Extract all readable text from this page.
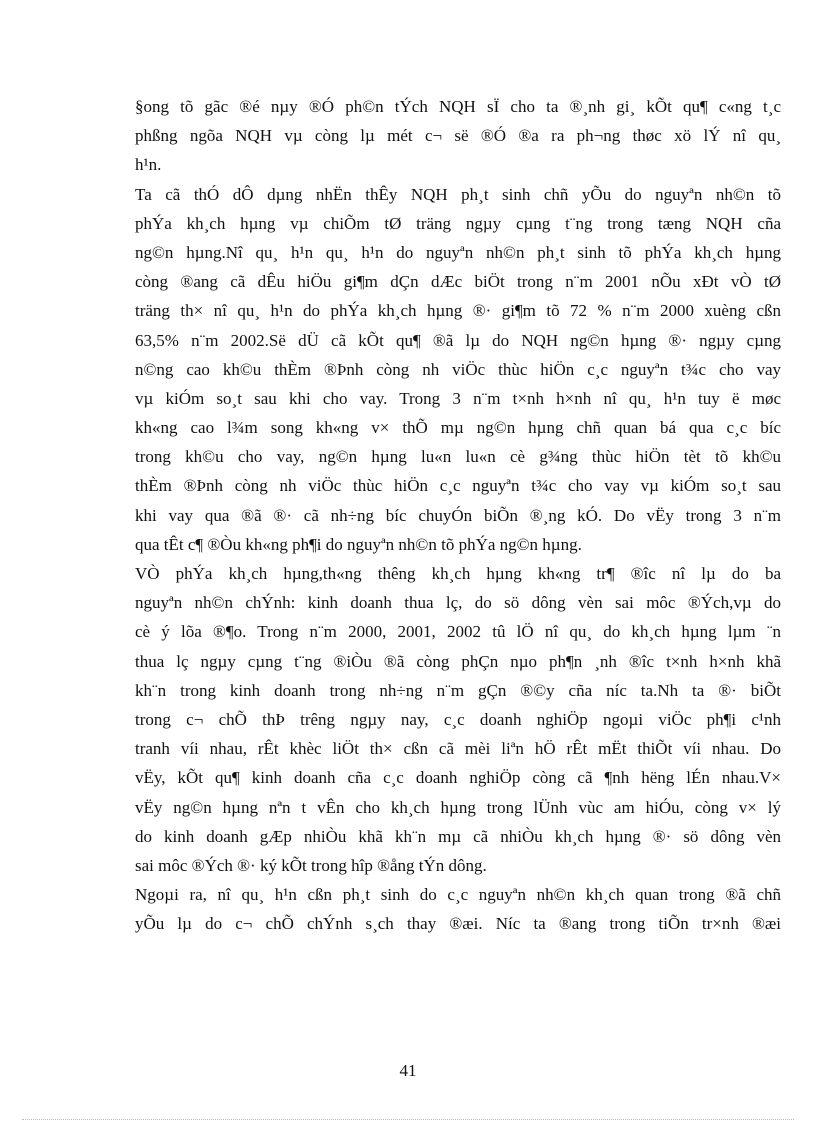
§ong tõ gãc ®é nµy ®Ó ph©n tÝch NQH sÏ cho ta ®¸nh gi¸ kÕt qu¶ c«ng t¸c
phßng ngõa NQH vµ còng lµ mét c¬ së ®Ó ®a ra ph¬ng thøc xö lÝ nî qu¸
h¹n.
Ta cã thÓ dÔ dµng nhËn thÊy NQH ph¸t sinh chñ yÕu do nguyªn nh©n tõ
phÝa kh¸ch hµng vµ chiÕm tØ träng ngµy cµng t¨ng trong tæng NQH cña
ng©n hµng.Nî qu¸ h¹n qu¸ h¹n do nguyªn nh©n ph¸t sinh tõ phÝa kh¸ch hµng
còng ®ang cã dÊu hiÖu gi¶m dÇn dÆc biÖt trong n¨m 2001 nÕu xÐt vÒ tØ
träng th× nî qu¸ h¹n do phÝa kh¸ch hµng ®· gi¶m tõ 72 % n¨m 2000 xuèng cßn
63,5% n¨m 2002.Së dÜ cã kÕt qu¶ ®ã lµ do NQH ng©n hµng ®· ngµy cµng
n©ng cao kh©u thÈm ®Þnh còng nh viÖc thùc hiÖn c¸c nguyªn t¾c cho vay
vµ kiÓm so¸t sau khi cho vay. Trong 3 n¨m t×nh h×nh nî qu¸ h¹n tuy ë møc
kh«ng cao l¾m song kh«ng v× thÕ mµ ng©n hµng chñ quan bá qua c¸c bíc
trong kh©u cho vay, ng©n hµng lu«n lu«n cè g¾ng thùc hiÖn tèt tõ kh©u
thÈm ®Þnh còng nh viÖc thùc hiÖn c¸c nguyªn t¾c cho vay vµ kiÓm so¸t sau
khi vay qua ®ã ®· cã nh÷ng bíc chuyÓn biÕn ®¸ng kÓ. Do vËy trong 3 n¨m
qua tÊt c¶ ®Òu kh«ng ph¶i do nguyªn nh©n tõ phÝa ng©n hµng.
VÒ phÝa kh¸ch hµng,th«ng thêng kh¸ch hµng kh«ng tr¶ ®îc nî lµ do ba
nguyªn nh©n chÝnh: kinh doanh thua lç, do sö dông vèn sai môc ®Ých,vµ do
cè ý lõa ®¶o. Trong n¨m 2000, 2001, 2002 tû lÖ nî qu¸ do kh¸ch hµng lµm ¨n
thua lç ngµy cµng t¨ng ®iÒu ®ã còng phÇn nµo ph¶n ¸nh ®îc t×nh h×nh khã
kh¨n trong kinh doanh trong nh÷ng n¨m gÇn ®©y cña níc ta.Nh ta ®· biÕt
trong c¬ chÕ thÞ trêng ngµy nay, c¸c doanh nghiÖp ngoµi viÖc ph¶i c¹nh
tranh víi nhau, rÊt khèc liÖt th× cßn cã mèi liªn hÖ rÊt mËt thiÕt víi nhau. Do
vËy, kÕt qu¶ kinh doanh cña c¸c doanh nghiÖp còng cã ¶nh hëng lÉn nhau.V×
vËy ng©n hµng nªn t vÊn cho kh¸ch hµng trong lÜnh vùc am hiÓu, còng v× lý
do kinh doanh gÆp nhiÒu khã kh¨n mµ cã nhiÒu kh¸ch hµng ®· sö dông vèn
sai môc ®Ých ®· ký kÕt trong hîp ®ång tÝn dông.
Ngoµi ra, nî qu¸ h¹n cßn ph¸t sinh do c¸c nguyªn nh©n kh¸ch quan trong ®ã chñ
yÕu lµ do c¬ chÕ chÝnh s¸ch thay ®æi. Níc ta ®ang trong tiÕn tr×nh ®æi
41
